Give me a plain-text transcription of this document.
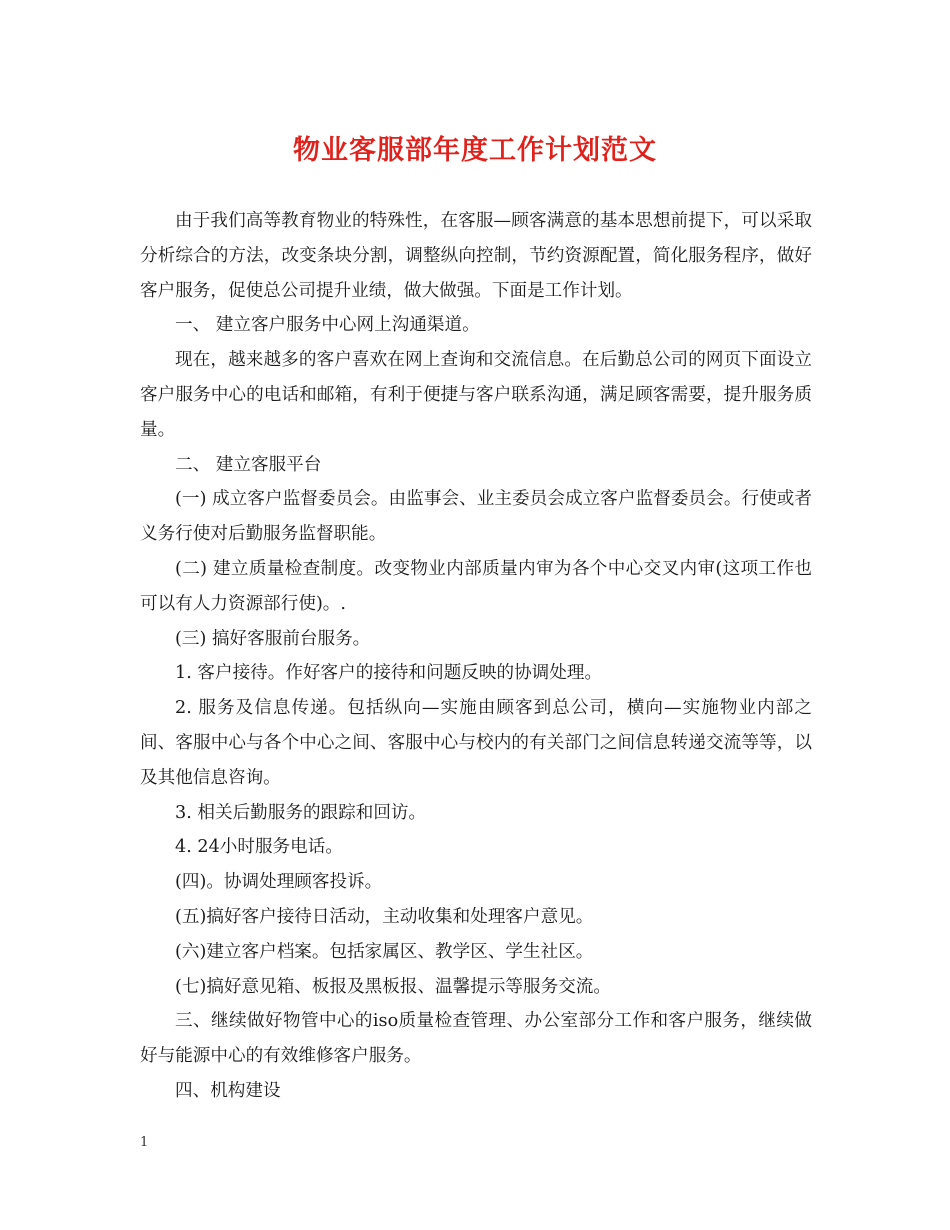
物业客服部年度工作计划范文

由于我们高等教育物业的特殊性，在客服—顾客满意的基本思想前提下，可以采取分析综合的方法，改变条块分割，调整纵向控制，节约资源配置，简化服务程序，做好客户服务，促使总公司提升业绩，做大做强。下面是工作计划。

一、 建立客户服务中心网上沟通渠道。

现在，越来越多的客户喜欢在网上查询和交流信息。在后勤总公司的网页下面设立客户服务中心的电话和邮箱，有利于便捷与客户联系沟通，满足顾客需要，提升服务质量。

二、 建立客服平台

(一) 成立客户监督委员会。由监事会、业主委员会成立客户监督委员会。行使或者义务行使对后勤服务监督职能。

(二) 建立质量检查制度。改变物业内部质量内审为各个中心交叉内审(这项工作也可以有人力资源部行使)。.

(三) 搞好客服前台服务。

1. 客户接待。作好客户的接待和问题反映的协调处理。

2. 服务及信息传递。包括纵向—实施由顾客到总公司，横向—实施物业内部之间、客服中心与各个中心之间、客服中心与校内的有关部门之间信息转递交流等等，以及其他信息咨询。

3. 相关后勤服务的跟踪和回访。

4. 24小时服务电话。

(四)。协调处理顾客投诉。

(五)搞好客户接待日活动，主动收集和处理客户意见。

(六)建立客户档案。包括家属区、教学区、学生社区。

(七)搞好意见箱、板报及黑板报、温馨提示等服务交流。

三、继续做好物管中心的iso质量检查管理、办公室部分工作和客户服务，继续做好与能源中心的有效维修客户服务。

四、机构建设

1
